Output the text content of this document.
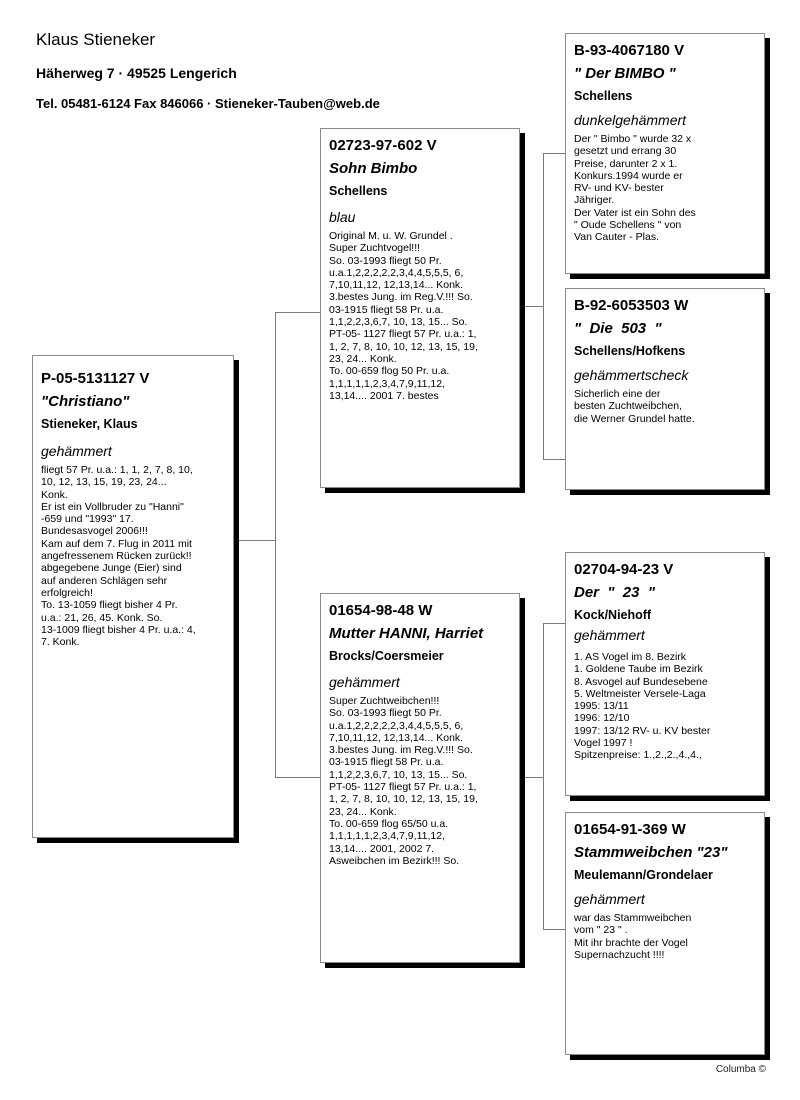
Klaus Stieneker
Häherweg 7 · 49525 Lengerich
Tel. 05481-6124 Fax 846066 · Stieneker-Tauben@web.de
P-05-5131127 V
"Christiano"
Stieneker, Klaus
gehämmert
fliegt 57 Pr. u.a.: 1, 1, 2, 7, 8, 10,
10, 12, 13, 15, 19, 23, 24...
Konk.
Er ist ein Vollbruder zu "Hanni"
-659 und "1993" 17.
Bundesasvogel 2006!!!
Kam auf dem 7. Flug in 2011 mit
angefressenem Rücken zurück!!
abgegebene Junge (Eier) sind
auf anderen Schlägen sehr
erfolgreich!
To. 13-1059 fliegt bisher 4 Pr.
u.a.: 21, 26, 45. Konk. So.
13-1009 fliegt bisher 4 Pr. u.a.: 4,
7. Konk.
02723-97-602 V
Sohn Bimbo
Schellens
blau
Original M. u. W. Grundel .
Super Zuchtvogel!!!
So. 03-1993 fliegt 50 Pr.
u.a.1,2,2,2,2,2,3,4,4,5,5,5, 6,
7,10,11,12, 12,13,14... Konk.
3.bestes Jung. im Reg.V.!!! So.
03-1915 fliegt 58 Pr. u.a.
1,1,2,2,3,6,7, 10, 13, 15... So.
PT-05- 1127 fliegt 57 Pr. u.a.: 1,
1, 2, 7, 8, 10, 10, 12, 13, 15, 19,
23, 24... Konk.
To. 00-659 flog 50 Pr. u.a.
1,1,1,1,1,2,3,4,7,9,11,12,
13,14.... 2001 7. bestes
01654-98-48 W
Mutter HANNI, Harriet
Brocks/Coersmeier
gehämmert
Super Zuchtweibchen!!!
So. 03-1993 fliegt 50 Pr.
u.a.1,2,2,2,2,2,3,4,4,5,5,5, 6,
7,10,11,12, 12,13,14... Konk.
3.bestes Jung. im Reg.V.!!! So.
03-1915 fliegt 58 Pr. u.a.
1,1,2,2,3,6,7, 10, 13, 15... So.
PT-05- 1127 fliegt 57 Pr. u.a.: 1,
1, 2, 7, 8, 10, 10, 12, 13, 15, 19,
23, 24... Konk.
To. 00-659 flog 65/50 u.a.
1,1,1,1,1,2,3,4,7,9,11,12,
13,14.... 2001, 2002 7.
Asweibchen im Bezirk!!! So.
B-93-4067180 V
" Der BIMBO "
Schellens
dunkelgehämmert
Der " Bimbo " wurde 32 x
gesetzt und errang 30
Preise, darunter 2 x 1.
Konkurs.1994 wurde er
RV- und KV- bester
Jähriger.
Der Vater ist ein Sohn des
" Oude Schellens " von
Van Cauter - Plas.
B-92-6053503 W
"  Die  503  "
Schellens/Hofkens
gehämmertscheck
Sicherlich eine der
besten Zuchtweibchen,
die Werner Grundel hatte.
02704-94-23 V
Der  "  23  "
Kock/Niehoff
gehämmert
1. AS Vogel im 8. Bezirk
1. Goldene Taube im Bezirk
8. Asvogel auf Bundesebene
5. Weltmeister Versele-Laga
1995: 13/11
1996: 12/10
1997: 13/12 RV- u. KV bester
Vogel 1997 !
Spitzenpreise: 1.,2.,2.,4.,4.,
01654-91-369 W
Stammweibchen "23"
Meulemann/Grondelaer
gehämmert
war das Stammweibchen
vom " 23 " .
Mit ihr brachte der Vogel
Supernachzucht !!!!
Columba ©
